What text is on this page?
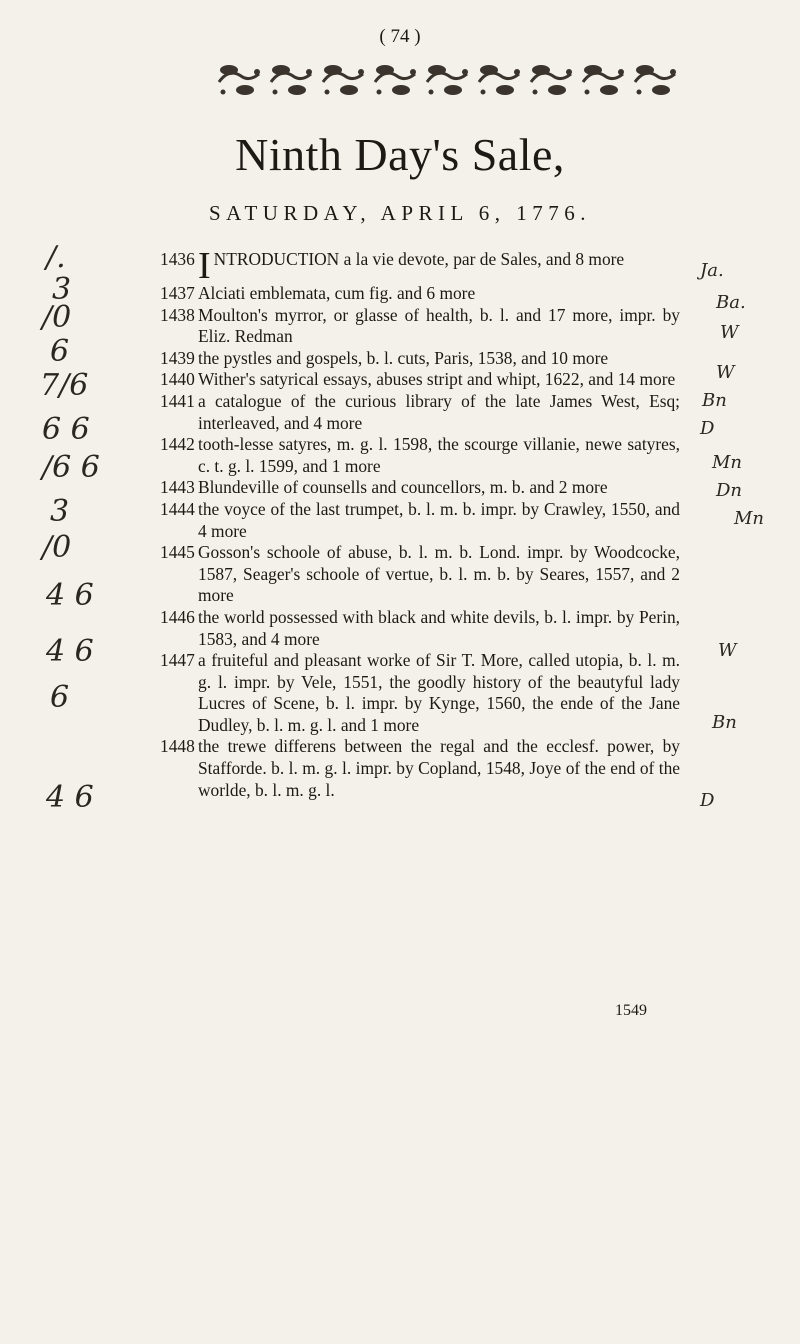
( 74 )
Ninth Day's Sale,
SATURDAY, APRIL 6, 1776.
1436 INTRODUCTION a la vie devote, par de Sales, and 8 more
1437 Alciati emblemata, cum fig. and 6 more
1438 Moulton's myrror, or glasse of health, b. l. and 17 more, impr. by Eliz. Redman
1439 the pystles and gospels, b. l. cuts, Paris, 1538, and 10 more
1440 Wither's satyrical essays, abuses stript and whipt, 1622, and 14 more
1441 a catalogue of the curious library of the late James West, Esq; interleaved, and 4 more
1442 tooth-lesse satyres, m. g. l. 1598, the scourge villanie, newe satyres, c. t. g. l. 1599, and 1 more
1443 Blundeville of counsells and councellors, m. b. and 2 more
1444 the voyce of the last trumpet, b. l. m. b. impr. by Crawley, 1550, and 4 more
1445 Gosson's schoole of abuse, b. l. m. b. Lond. impr. by Woodcocke, 1587, Seager's schoole of vertue, b. l. m. b. by Seares, 1557, and 2 more
1446 the world possessed with black and white devils, b. l. impr. by Perin, 1583, and 4 more
1447 a fruiteful and pleasant worke of Sir T. More, called utopia, b. l. m. g. l. impr. by Vele, 1551, the goodly history of the beautyful lady Lucres of Scene, b. l. impr. by Kynge, 1560, the ende of the Jane Dudley, b. l. m. g. l. and 1 more
1448 the trewe differens between the regal and the ecclesf. power, by Stafforde. b. l. m. g. l. impr. by Copland, 1548, Joye of the end of the worlde, b. l. m. g. l.
1549
/.
3
/0
6
7/6
6 6
/6 6
3
/0
4 6
4 6
6
4 6
Ja.
Ba.
W
W
Bn
D
Mn
Dn
Mn
W
Bn
D
